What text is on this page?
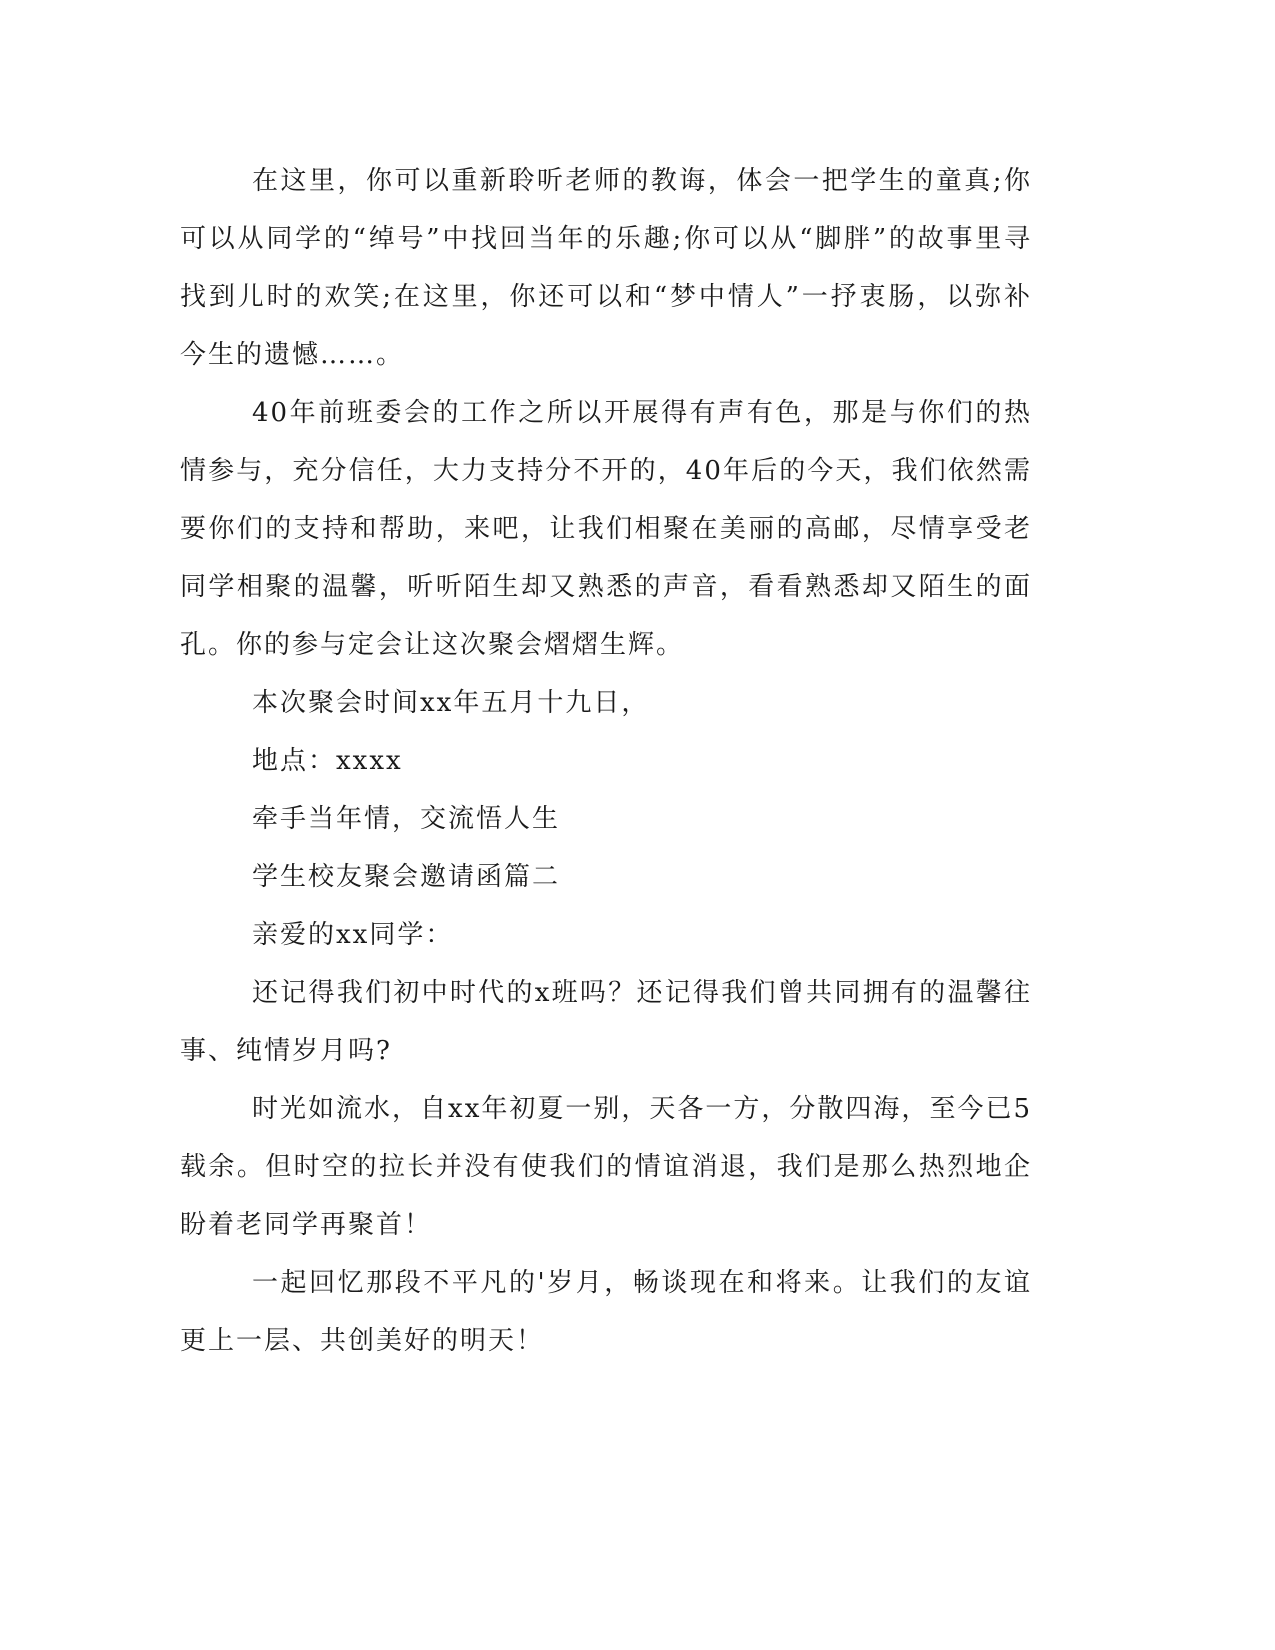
在这里，你可以重新聆听老师的教诲，体会一把学生的童真;你可以从同学的“绰号”中找回当年的乐趣;你可以从“脚胖”的故事里寻找到儿时的欢笑;在这里，你还可以和“梦中情人”一抒衷肠，以弥补今生的遗憾……。

40年前班委会的工作之所以开展得有声有色，那是与你们的热情参与，充分信任，大力支持分不开的，40年后的今天，我们依然需要你们的支持和帮助，来吧，让我们相聚在美丽的高邮，尽情享受老同学相聚的温馨，听听陌生却又熟悉的声音，看看熟悉却又陌生的面孔。你的参与定会让这次聚会熠熠生辉。

本次聚会时间xx年五月十九日，

地点：xxxx

牵手当年情，交流悟人生

学生校友聚会邀请函篇二

亲爱的xx同学：

还记得我们初中时代的x班吗？还记得我们曾共同拥有的温馨往事、纯情岁月吗?

时光如流水，自xx年初夏一别，天各一方，分散四海，至今已5载余。但时空的拉长并没有使我们的情谊消退，我们是那么热烈地企盼着老同学再聚首！

一起回忆那段不平凡的'岁月，畅谈现在和将来。让我们的友谊更上一层、共创美好的明天！
